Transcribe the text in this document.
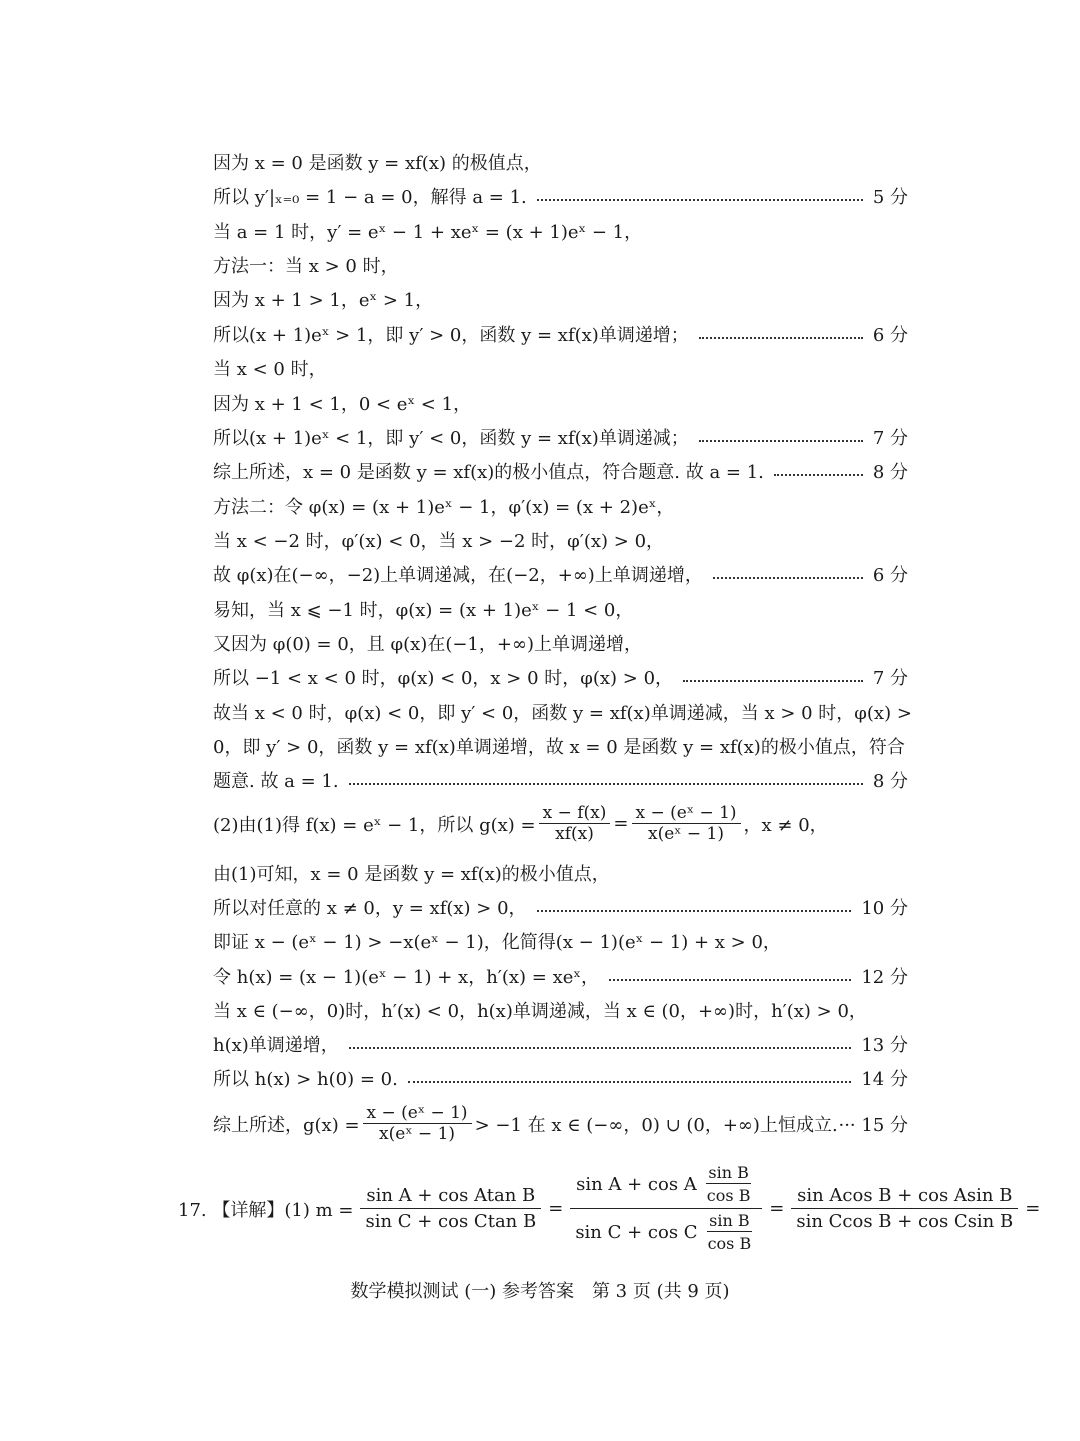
因为 x = 0 是函数 y = xf(x) 的极值点，
所以 y′|ₓ₌₀ = 1 − a = 0，解得 a = 1.	5 分
当 a = 1 时，y′ = eˣ − 1 + xeˣ = (x + 1)eˣ − 1，
方法一：当 x > 0 时，
因为 x + 1 > 1，eˣ > 1，
所以(x + 1)eˣ > 1，即 y′ > 0，函数 y = xf(x)单调递增；	6 分
当 x < 0 时，
因为 x + 1 < 1，0 < eˣ < 1，
所以(x + 1)eˣ < 1，即 y′ < 0，函数 y = xf(x)单调递减；	7 分
综上所述，x = 0 是函数 y = xf(x)的极小值点，符合题意. 故 a = 1.	8 分
方法二：令 φ(x) = (x + 1)eˣ − 1，φ′(x) = (x + 2)eˣ，
当 x < −2 时，φ′(x) < 0，当 x > −2 时，φ′(x) > 0，
故 φ(x)在(−∞，−2)上单调递减，在(−2，+∞)上单调递增，	6 分
易知，当 x ⩽ −1 时，φ(x) = (x + 1)eˣ − 1 < 0，
又因为 φ(0) = 0，且 φ(x)在(−1，+∞)上单调递增，
所以 −1 < x < 0 时，φ(x) < 0，x > 0 时，φ(x) > 0，	7 分
故当 x < 0 时，φ(x) < 0，即 y′ < 0，函数 y = xf(x)单调递减，当 x > 0 时，φ(x) >
0，即 y′ > 0，函数 y = xf(x)单调递增，故 x = 0 是函数 y = xf(x)的极小值点，符合
题意. 故 a = 1.	8 分
(2)由(1)得 f(x) = eˣ − 1，所以 $g(x) = \frac{x - f(x)}{xf(x)} = \frac{\text{x − (eˣ − 1)}}{\text{x(eˣ − 1)}}$ ，x ≠ 0，
由(1)可知，x = 0 是函数 y = xf(x)的极小值点，
所以对任意的 x ≠ 0，y = xf(x) > 0，	10 分
即证 x − (eˣ − 1) > −x(eˣ − 1)，化简得(x − 1)(eˣ − 1) + x > 0，
令 h(x) = (x − 1)(eˣ − 1) + x，h′(x) = xeˣ，	12 分
当 x ∈ (−∞，0)时，h′(x) < 0，h(x)单调递减，当 x ∈ (0，+∞)时，h′(x) > 0，
h(x)单调递增，	13 分
所以 h(x) > h(0) = 0.	14 分
综上所述，$g(x) = \frac{\text{x − (eˣ − 1)}}{\text{x(eˣ − 1)}} > -1$ 在 x ∈ (−∞，0) ∪ (0，+∞)上恒成立. ··· 15 分
17. 【详解】(1) $m = \frac{\text{sin A + cos Atan B}}{\text{sin C + cos Ctan B}} = \frac{\sin A + \cos A \frac{\text{sin B}}{\text{cos B}}}{\sin C + \cos C \frac{\text{sin B}}{\text{cos B}}} = \frac{\text{sin Acos B + cos Asin B}}{\text{sin Ccos B + cos Csin B}}$ =
数学模拟测试 (一) 参考答案　第 3 页 (共 9 页)
